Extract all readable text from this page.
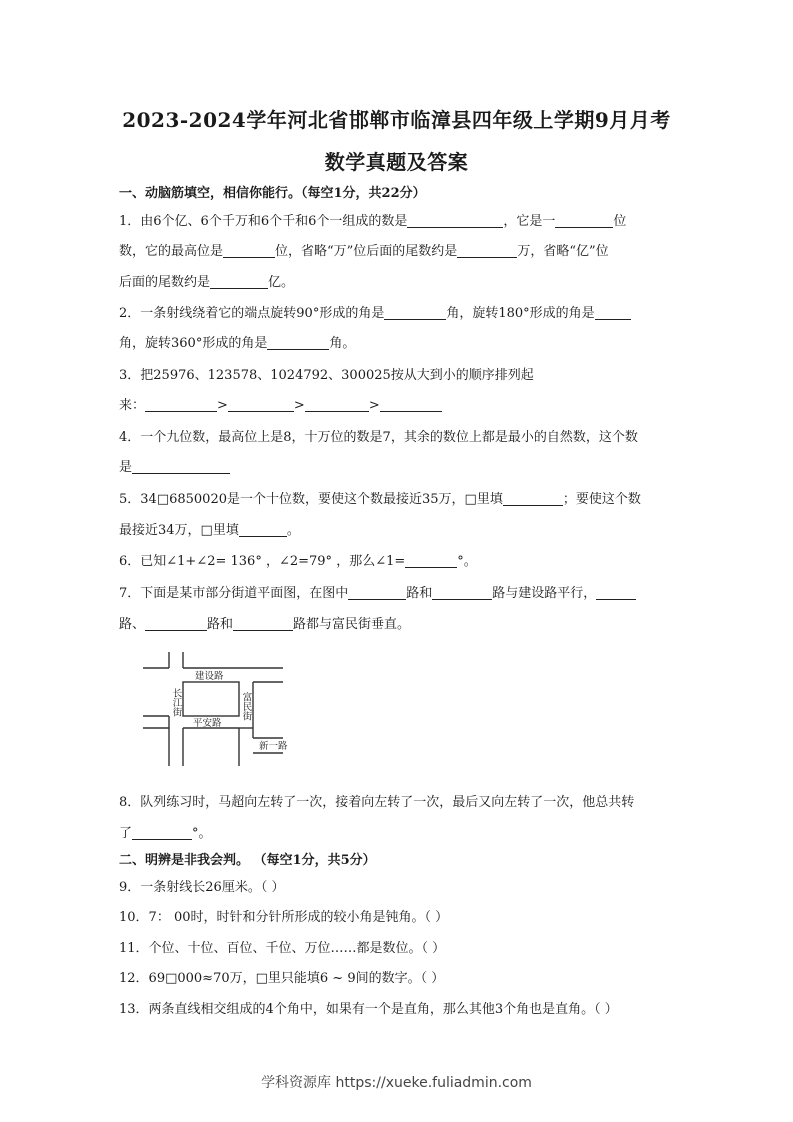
2023-2024学年河北省邯郸市临漳县四年级上学期9月月考
数学真题及答案
一、动脑筋填空，相信你能行。（每空1分，共22分）
1．由6个亿、6个千万和6个千和6个一组成的数是	，它是一	位
数，它的最高位是	位，省略“万”位后面的尾数约是	万，省略“亿”位
后面的尾数约是	亿。
2．一条射线绕着它的端点旋转90°形成的角是	角，旋转180°形成的角是
角，旋转360°形成的角是	角。
3．把25976、123578、1024792、300025按从大到小的顺序排列起
来：	>	>	>
4．一个九位数，最高位上是8，十万位的数是7，其余的数位上都是最小的自然数，这个数
是
5．34□6850020是一个十位数，要使这个数最接近35万，□里填	；要使这个数
最接近34万，□里填	。
6．已知∠1+∠2= 136° ，∠2=79° ，那么∠1=	°。
7．下面是某市部分街道平面图，在图中	路和	路与建设路平行，
路、	路和	路都与富民街垂直。
建设路
平安路
新一路
长江街	富民街
8．队列练习时，马超向左转了一次，接着向左转了一次，最后又向左转了一次，他总共转
了	°。
二、明辨是非我会判。 （每空1分，共5分）
9．一条射线长26厘米。（ ）
10．7： 00时，时针和分针所形成的较小角是钝角。（ ）
11．个位、十位、百位、千位、万位……都是数位。（ ）
12．69□000≈70万，□里只能填6 ~ 9间的数字。（ ）
13．两条直线相交组成的4个角中，如果有一个是直角，那么其他3个角也是直角。（ ）
学科资源库 https://xueke.fuliadmin.com
